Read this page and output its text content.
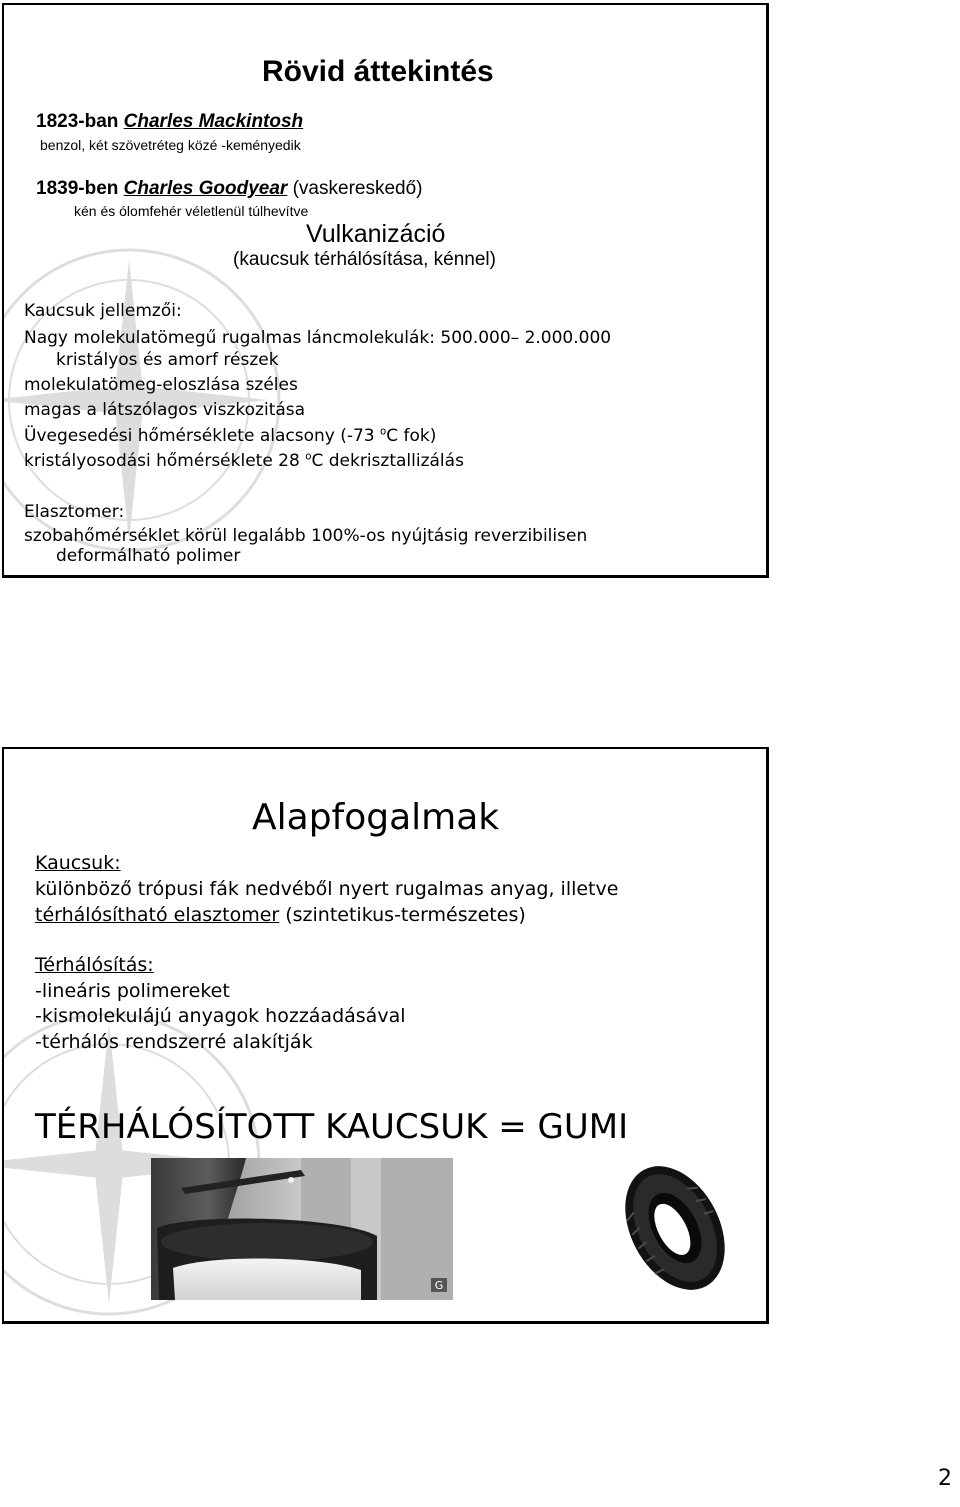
Rövid áttekintés
1823-ban Charles Mackintosh
benzol, két szövetréteg közé -keményedik
1839-ben Charles Goodyear (vaskereskedő)
kén és ólomfehér véletlenül túlhevítve
Vulkanizáció
(kaucsuk térhálósítása, kénnel)
Kaucsuk jellemzői:
Nagy molekulatömegű rugalmas láncmolekulák: 500.000– 2.000.000
kristályos és amorf részek
molekulatömeg-eloszlása széles
magas a látszólagos viszkozitása
Üvegesedési hőmérséklete alacsony (-73 $^o$C fok)
kristályosodási hőmérséklete 28 $^o$C dekrisztallizálás
Elasztomer:
szobahőmérséklet körül legalább 100%-os nyújtásig reverzibilisen
deformálható polimer
Alapfogalmak
Kaucsuk:
különböző trópusi fák nedvéből nyert rugalmas anyag, illetve
térhálósítható elasztomer (szintetikus-természetes)
Térhálósítás:
-lineáris polimereket
-kismolekulájú anyagok hozzáadásával
-térhálós rendszerré alakítják
TÉRHÁLÓSÍTOTT KAUCSUK = GUMI
G
2
